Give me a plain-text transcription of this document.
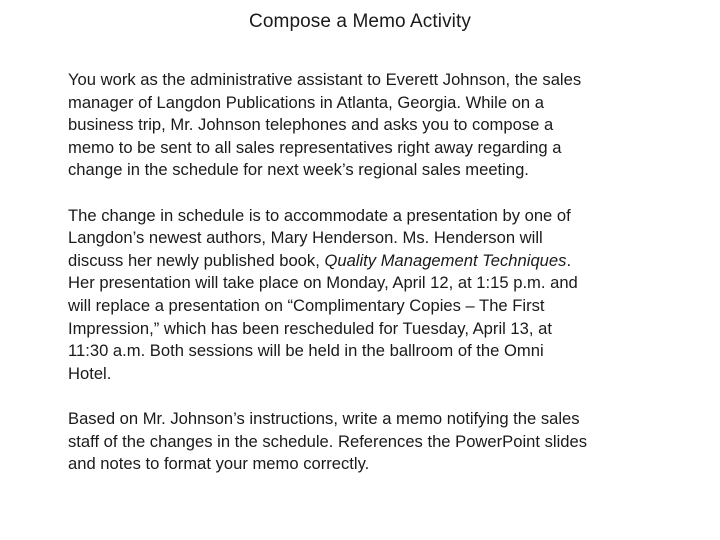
Compose a Memo Activity

You work as the administrative assistant to Everett Johnson, the sales
manager of Langdon Publications in Atlanta, Georgia. While on a
business trip, Mr. Johnson telephones and asks you to compose a
memo to be sent to all sales representatives right away regarding a
change in the schedule for next week’s regional sales meeting.

The change in schedule is to accommodate a presentation by one of
Langdon’s newest authors, Mary Henderson. Ms. Henderson will
discuss her newly published book, Quality Management Techniques.
Her presentation will take place on Monday, April 12, at 1:15 p.m. and
will replace a presentation on “Complimentary Copies – The First
Impression,” which has been rescheduled for Tuesday, April 13, at
11:30 a.m. Both sessions will be held in the ballroom of the Omni
Hotel.

Based on Mr. Johnson’s instructions, write a memo notifying the sales
staff of the changes in the schedule. References the PowerPoint slides
and notes to format your memo correctly.
